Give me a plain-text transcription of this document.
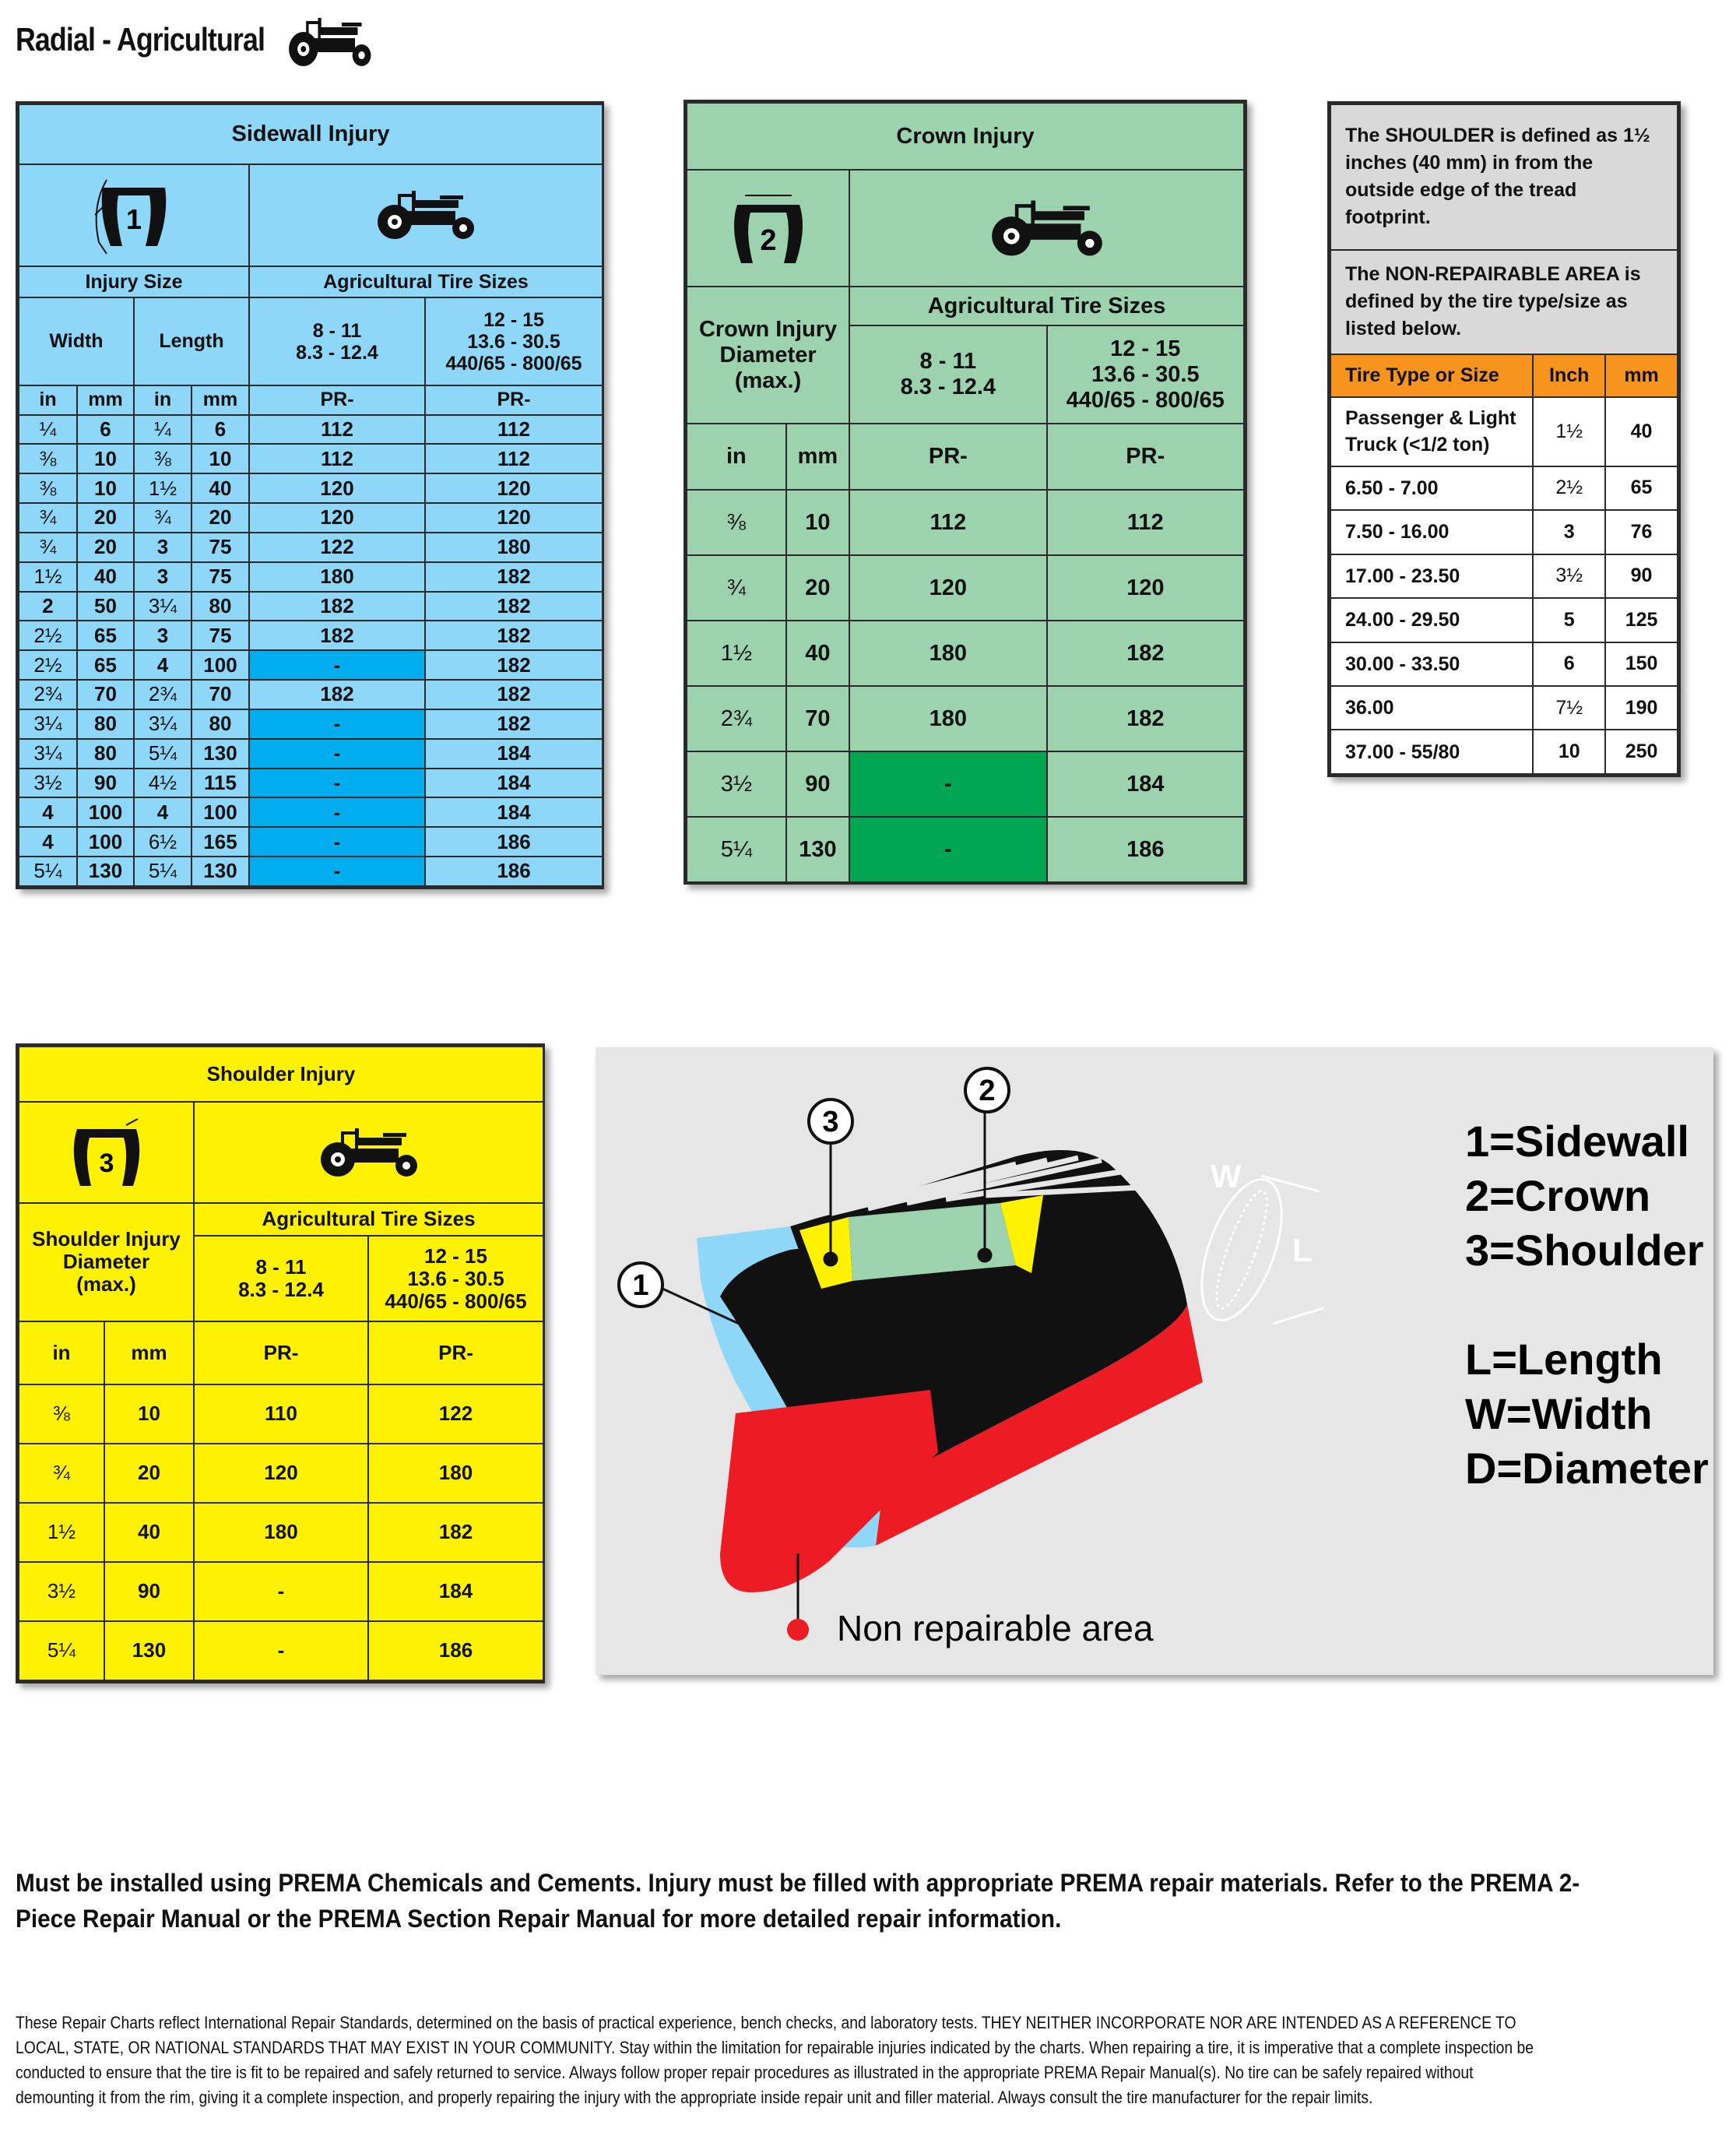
Radial - Agricultural
Sidewall Injury					

1

Injury Size				Agricultural Tire Sizes	
Width		Length		8 - 11
8.3 - 12.4	12 - 15
13.6 - 30.5
440/65 - 800/65
in	mm	in	mm	PR-	PR-
¼	6	¼	6	112	112
⅜	10	⅜	10	112	112
⅜	10	1½	40	120	120
¾	20	¾	20	120	120
¾	20	3	75	122	180
1½	40	3	75	180	182
2	50	3¼	80	182	182
2½	65	3	75	182	182
2½	65	4	100	-	182
2¾	70	2¾	70	182	182
3¼	80	3¼	80	-	182
3¼	80	5¼	130	-	184
3½	90	4½	115	-	184
4	100	4	100	-	184
4	100	6½	165	-	186
5¼	130	5¼	130	-	186
Crown Injury			

2

Crown Injury
Diameter
(max.)		Agricultural Tire Sizes	
		8 - 11
8.3 - 12.4	12 - 15
13.6 - 30.5
440/65 - 800/65
in	mm	PR-	PR-
⅜	10	112	112
¾	20	120	120
1½	40	180	182
2¾	70	180	182
3½	90	-	184
5¼	130	-	186
The SHOULDER is defined as 1½ inches (40 mm) in from the outside edge of the tread footprint.		
The NON-REPAIRABLE AREA is defined by the tire type/size as listed below.		
Tire Type or Size	Inch	mm
Passenger & Light Truck (<1/2 ton)	1½	40
6.50 - 7.00	2½	65
7.50 - 16.00	3	76
17.00 - 23.50	3½	90
24.00 - 29.50	5	125
30.00 - 33.50	6	150
36.00	7½	190
37.00 - 55/80	10	250
Shoulder Injury			

3

Shoulder Injury
Diameter
(max.)		Agricultural Tire Sizes	
		8 - 11
8.3 - 12.4	12 - 15
13.6 - 30.5
440/65 - 800/65
in	mm	PR-	PR-
⅜	10	110	122
¾	20	120	180
1½	40	180	182
3½	90	-	184
5¼	130	-	186
W
L
1
3
2
Non repairable area
1=Sidewall
2=Crown
3=Shoulder
L=Length
W=Width
D=Diameter
Must be installed using PREMA Chemicals and Cements. Injury must be filled with appropriate PREMA repair materials. Refer to the PREMA 2-Piece Repair Manual or the PREMA Section Repair Manual for more detailed repair information.
These Repair Charts reflect International Repair Standards, determined on the basis of practical experience, bench checks, and laboratory tests. THEY NEITHER INCORPORATE NOR ARE INTENDED AS A REFERENCE TO LOCAL, STATE, OR NATIONAL STANDARDS THAT MAY EXIST IN YOUR COMMUNITY. Stay within the limitation for repairable injuries indicated by the charts. When repairing a tire, it is imperative that a complete inspection be conducted to ensure that the tire is fit to be repaired and safely returned to service. Always follow proper repair procedures as illustrated in the appropriate PREMA Repair Manual(s). No tire can be safely repaired without demounting it from the rim, giving it a complete inspection, and properly repairing the injury with the appropriate inside repair unit and filler material. Always consult the tire manufacturer for the repair limits.
